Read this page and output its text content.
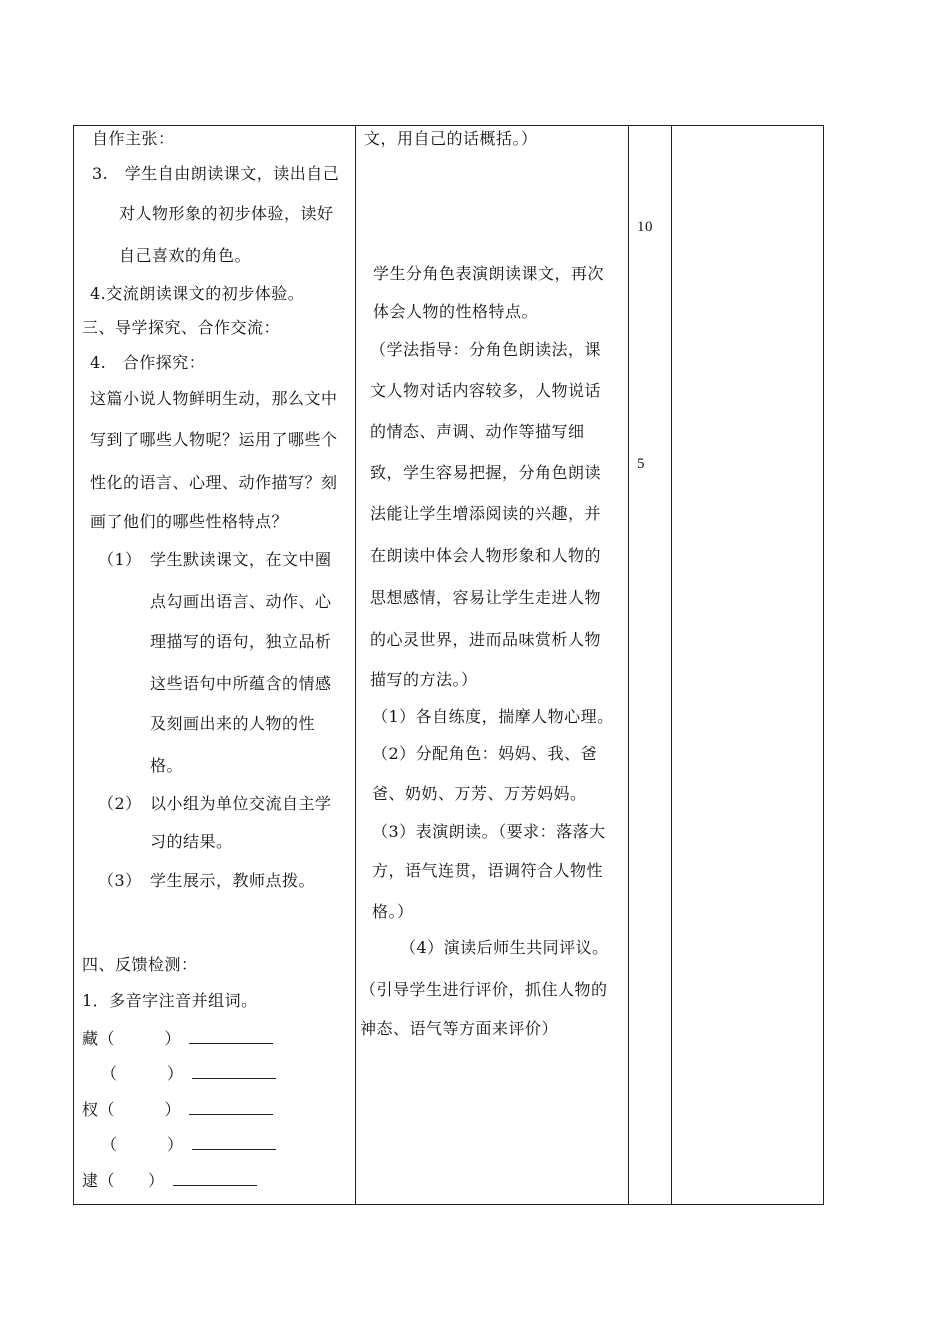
自作主张：
3.　学生自由朗读课文，读出自己
对人物形象的初步体验，读好
自己喜欢的角色。
4.交流朗读课文的初步体验。
三、导学探究、合作交流：
4.　合作探究：
这篇小说人物鲜明生动，那么文中
写到了哪些人物呢？运用了哪些个
性化的语言、心理、动作描写？刻
画了他们的哪些性格特点？
（1） 学生默读课文，在文中圈
点勾画出语言、动作、心
理描写的语句，独立品析
这些语句中所蕴含的情感
及刻画出来的人物的性
格。
（2） 以小组为单位交流自主学
习的结果。
（3） 学生展示，教师点拨。
四、反馈检测：
1．多音字注音并组词。
藏（　　　）
（　　　）
杈（　　　）
（　　　）
逮（　　）
文，用自己的话概括。）
学生分角色表演朗读课文，再次
体会人物的性格特点。
（学法指导：分角色朗读法，课
文人物对话内容较多，人物说话
的情态、声调、动作等描写细
致，学生容易把握，分角色朗读
法能让学生增添阅读的兴趣，并
在朗读中体会人物形象和人物的
思想感情，容易让学生走进人物
的心灵世界，进而品味赏析人物
描写的方法。）
（1）各自练度，揣摩人物心理。
（2）分配角色：妈妈、我、爸
爸、奶奶、万芳、万芳妈妈。
（3）表演朗读。（要求：落落大
方，语气连贯，语调符合人物性
格。）
（4）演读后师生共同评议。
（引导学生进行评价，抓住人物的
神态、语气等方面来评价）
10
5
